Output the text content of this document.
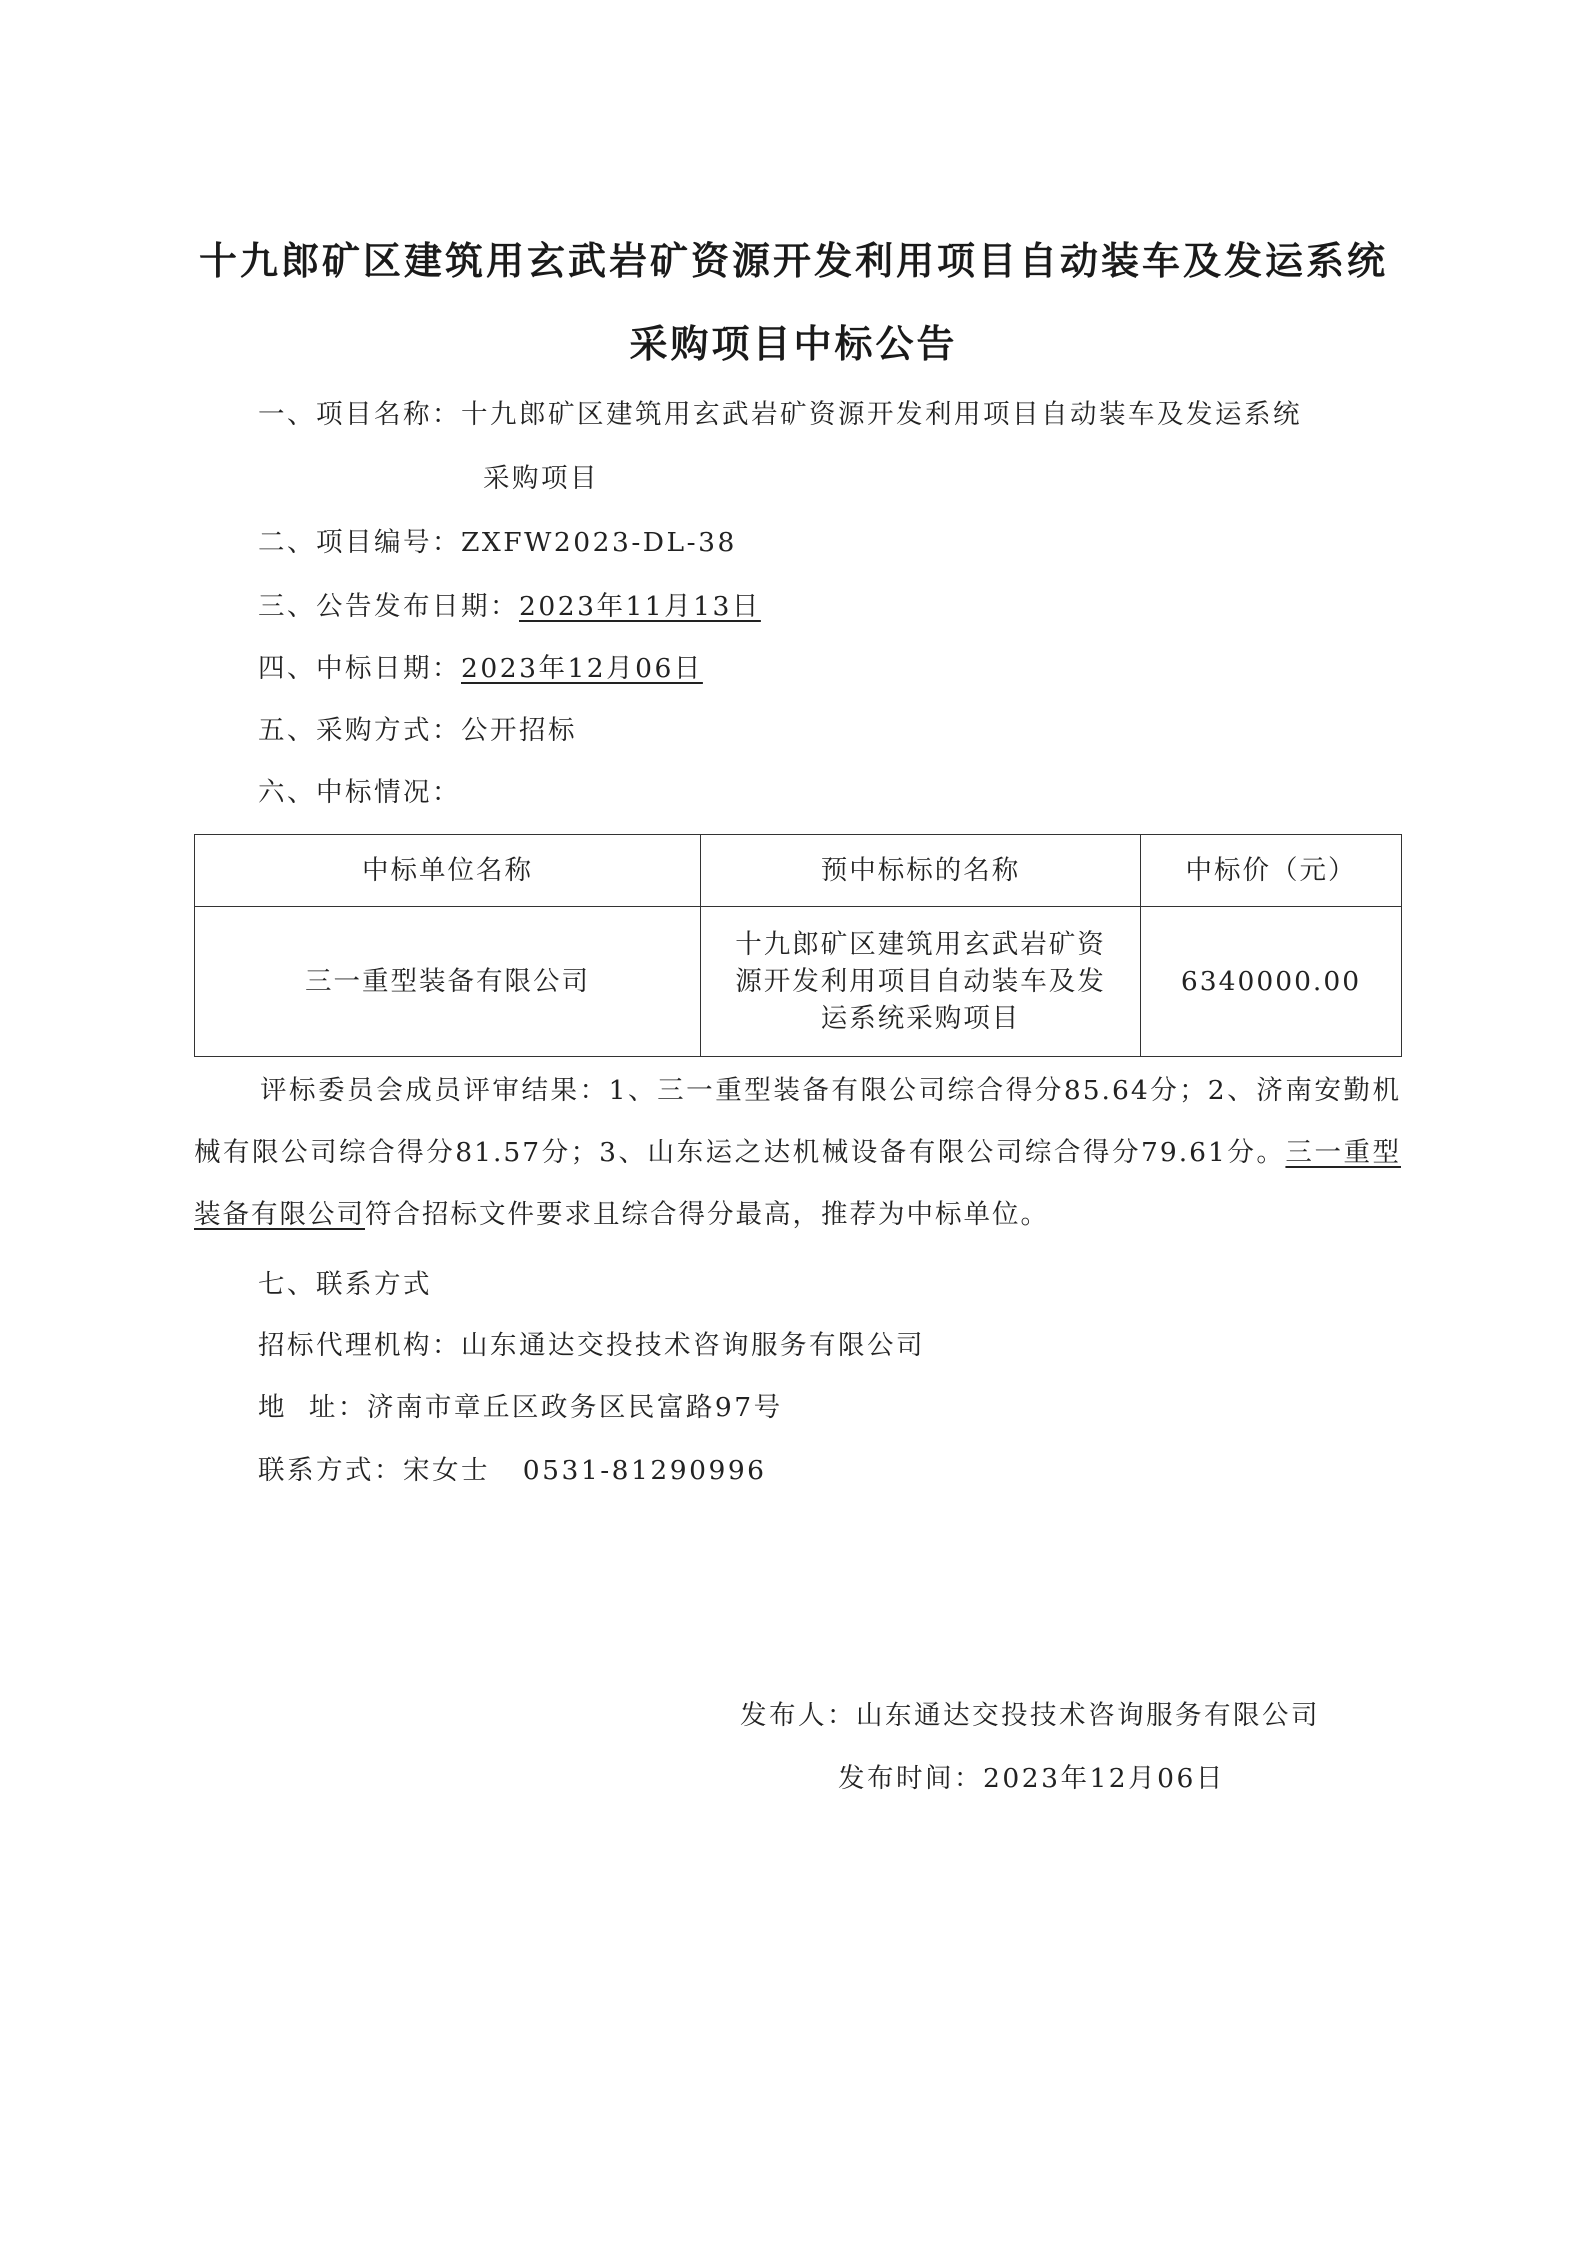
十九郎矿区建筑用玄武岩矿资源开发利用项目自动装车及发运系统
采购项目中标公告
一、项目名称：十九郎矿区建筑用玄武岩矿资源开发利用项目自动装车及发运系统
采购项目
二、项目编号：ZXFW2023-DL-38
三、公告发布日期：2023年11月13日
四、中标日期：2023年12月06日
五、采购方式：公开招标
六、中标情况：
中标单位名称	预中标标的名称	中标价（元）
三一重型装备有限公司	十九郎矿区建筑用玄武岩矿资源开发利用项目自动装车及发运系统采购项目	6340000.00
评标委员会成员评审结果：1、三一重型装备有限公司综合得分85.64分；2、济南安勤机械有限公司综合得分81.57分；3、山东运之达机械设备有限公司综合得分79.61分。三一重型装备有限公司符合招标文件要求且综合得分最高，推荐为中标单位。
七、联系方式
招标代理机构：山东通达交投技术咨询服务有限公司
地  址：济南市章丘区政务区民富路97号
联系方式：宋女士   0531-81290996
发布人：山东通达交投技术咨询服务有限公司
发布时间：2023年12月06日
